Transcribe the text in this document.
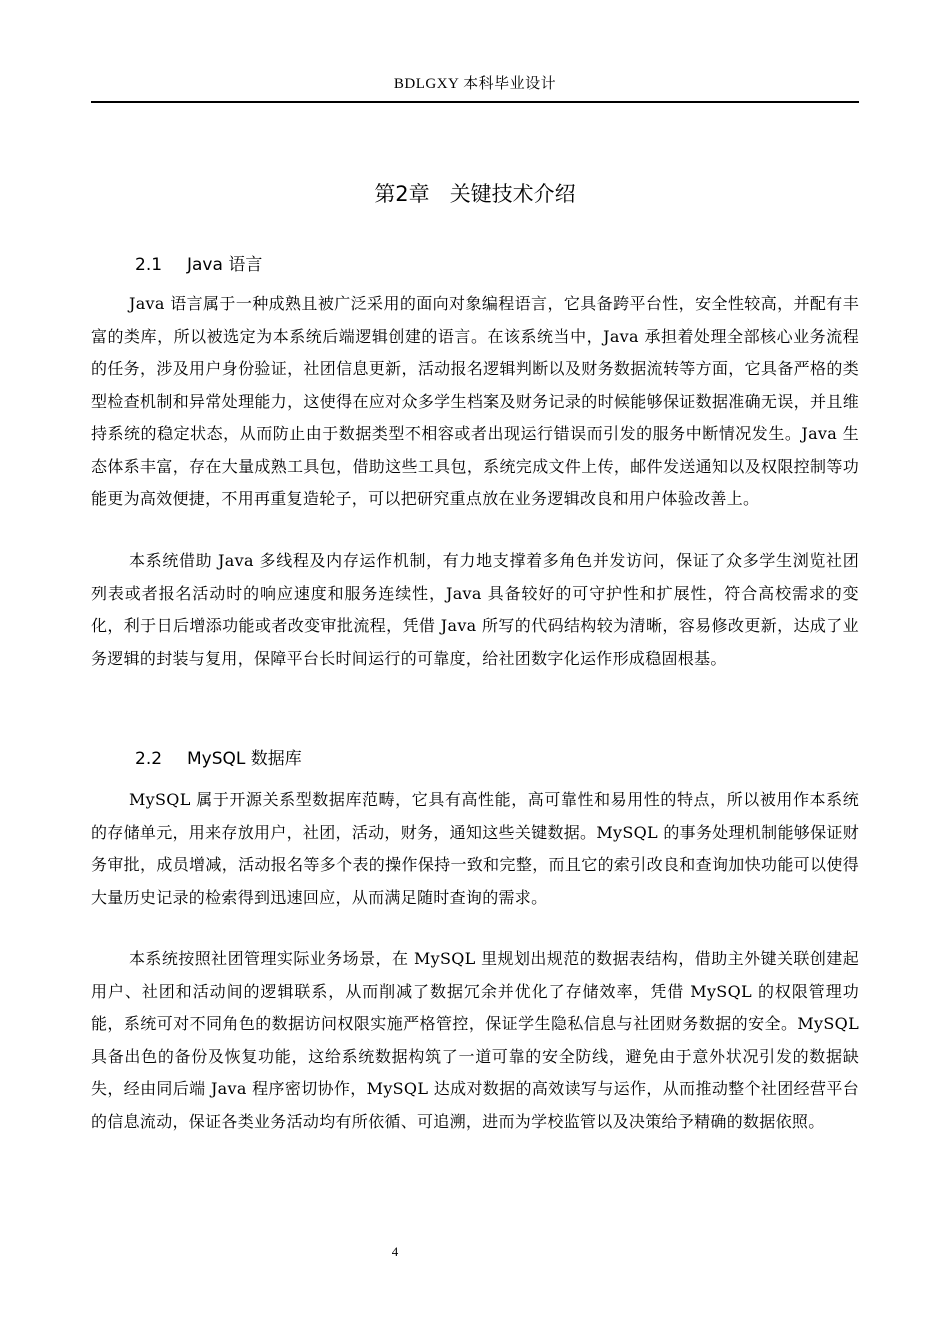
BDLGXY 本科毕业设计
第2章 关键技术介绍
2.1 Java 语言

Java 语言属于一种成熟且被广泛采用的面向对象编程语言，它具备跨平台性，安全性较高，并配有丰富的类库，所以被选定为本系统后端逻辑创建的语言。在该系统当中，Java 承担着处理全部核心业务流程的任务，涉及用户身份验证，社团信息更新，活动报名逻辑判断以及财务数据流转等方面，它具备严格的类型检查机制和异常处理能力，这使得在应对众多学生档案及财务记录的时候能够保证数据准确无误，并且维持系统的稳定状态，从而防止由于数据类型不相容或者出现运行错误而引发的服务中断情况发生。Java 生态体系丰富，存在大量成熟工具包，借助这些工具包，系统完成文件上传，邮件发送通知以及权限控制等功能更为高效便捷，不用再重复造轮子，可以把研究重点放在业务逻辑改良和用户体验改善上。

本系统借助 Java 多线程及内存运作机制，有力地支撑着多角色并发访问，保证了众多学生浏览社团列表或者报名活动时的响应速度和服务连续性，Java 具备较好的可守护性和扩展性，符合高校需求的变化，利于日后增添功能或者改变审批流程，凭借 Java 所写的代码结构较为清晰，容易修改更新，达成了业务逻辑的封装与复用，保障平台长时间运行的可靠度，给社团数字化运作形成稳固根基。

2.2 MySQL 数据库

MySQL 属于开源关系型数据库范畴，它具有高性能，高可靠性和易用性的特点，所以被用作本系统的存储单元，用来存放用户，社团，活动，财务，通知这些关键数据。MySQL 的事务处理机制能够保证财务审批，成员增减，活动报名等多个表的操作保持一致和完整，而且它的索引改良和查询加快功能可以使得大量历史记录的检索得到迅速回应，从而满足随时查询的需求。

本系统按照社团管理实际业务场景，在 MySQL 里规划出规范的数据表结构，借助主外键关联创建起用户、社团和活动间的逻辑联系，从而削减了数据冗余并优化了存储效率，凭借 MySQL 的权限管理功能，系统可对不同角色的数据访问权限实施严格管控，保证学生隐私信息与社团财务数据的安全。MySQL 具备出色的备份及恢复功能，这给系统数据构筑了一道可靠的安全防线，避免由于意外状况引发的数据缺失，经由同后端 Java 程序密切协作，MySQL 达成对数据的高效读写与运作，从而推动整个社团经营平台的信息流动，保证各类业务活动均有所依循、可追溯，进而为学校监管以及决策给予精确的数据依照。

4
